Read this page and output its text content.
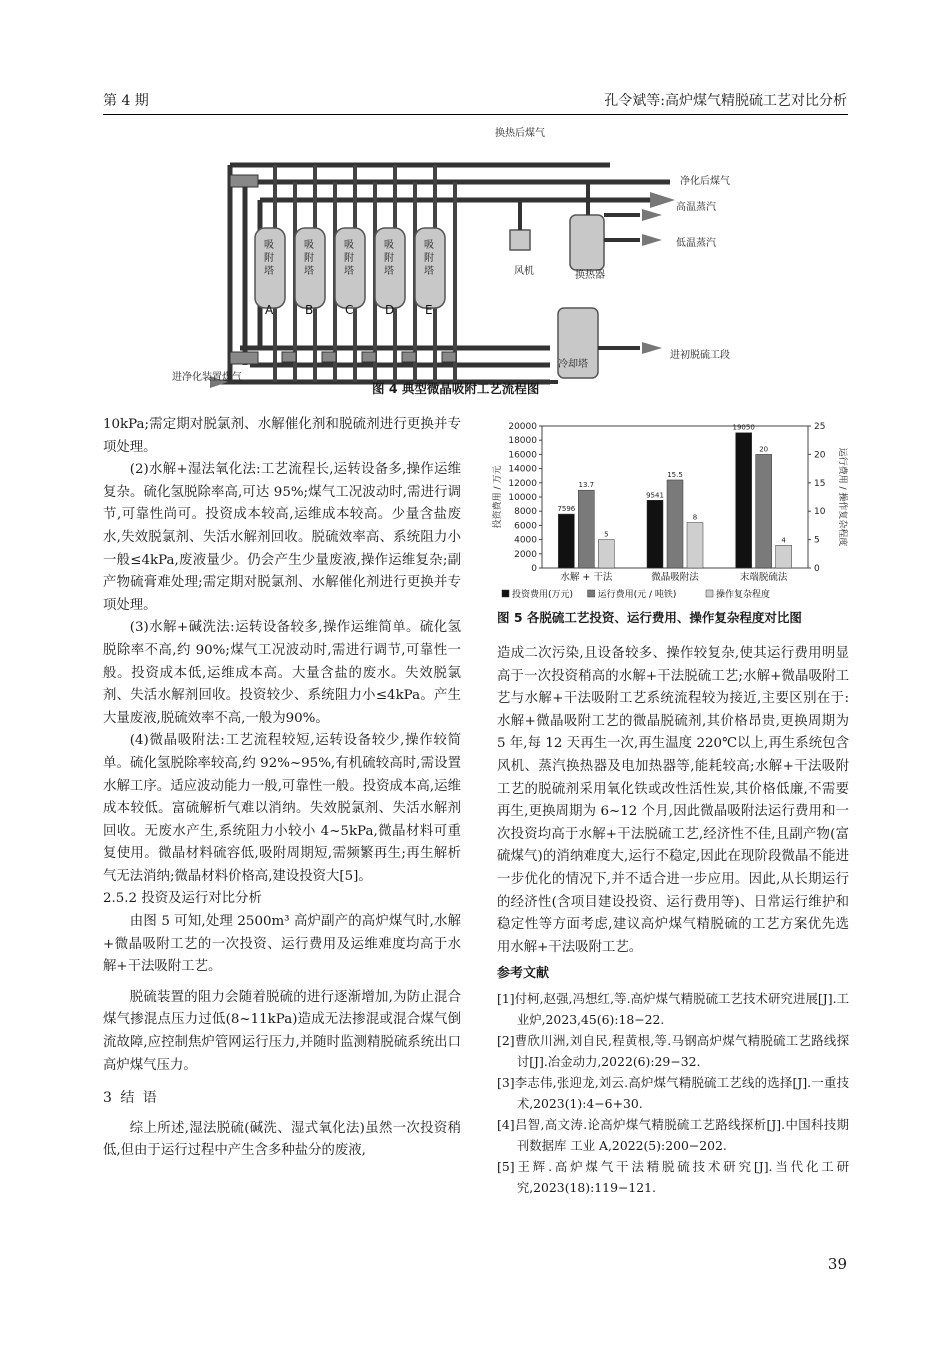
第 4 期	孔令斌等:高炉煤气精脱硫工艺对比分析
吸
附
塔
吸
附
塔
吸
附
塔
吸
附
塔
吸
附
塔
A	B	C	D	E
换热后煤气
净化后煤气
高温蒸汽
低温蒸汽
风机	换热器
冷却塔
进初脱硫工段
进净化装置煤气
图 4 典型微晶吸附工艺流程图

10kPa;需定期对脱氯剂、水解催化剂和脱硫剂进行更换并专项处理。

(2)水解+湿法氧化法:工艺流程长,运转设备多,操作运维复杂。硫化氢脱除率高,可达 95%;煤气工况波动时,需进行调节,可靠性尚可。投资成本较高,运维成本较高。少量含盐废水,失效脱氯剂、失活水解剂回收。脱硫效率高、系统阻力小一般≤4kPa,废液量少。仍会产生少量废液,操作运维复杂;副产物硫膏难处理;需定期对脱氯剂、水解催化剂进行更换并专项处理。

(3)水解+碱洗法:运转设备较多,操作运维简单。硫化氢脱除率不高,约 90%;煤气工况波动时,需进行调节,可靠性一般。投资成本低,运维成本高。大量含盐的废水。失效脱氯剂、失活水解剂回收。投资较少、系统阻力小≤4kPa。产生大量废液,脱硫效率不高,一般为90%。

(4)微晶吸附法:工艺流程较短,运转设备较少,操作较简单。硫化氢脱除率较高,约 92%~95%,有机硫较高时,需设置水解工序。适应波动能力一般,可靠性一般。投资成本高,运维成本较低。富硫解析气难以消纳。失效脱氯剂、失活水解剂回收。无废水产生,系统阻力小较小 4~5kPa,微晶材料可重复使用。微晶材料硫容低,吸附周期短,需频繁再生;再生解析气无法消纳;微晶材料价格高,建设投资大[5]。

2.5.2 投资及运行对比分析

由图 5 可知,处理 2500m³ 高炉副产的高炉煤气时,水解+微晶吸附工艺的一次投资、运行费用及运维难度均高于水解+干法吸附工艺。

脱硫装置的阻力会随着脱硫的进行逐渐增加,为防止混合煤气掺混点压力过低(8~11kPa)造成无法掺混或混合煤气倒流故障,应控制焦炉管网运行压力,并随时监测精脱硫系统出口高炉煤气压力。

3 结 语

综上所述,湿法脱硫(碱洗、湿式氧化法)虽然一次投资稍低,但由于运行过程中产生含多种盐分的废液,

20000
18000
16000
14000
12000
10000
8000
6000
4000
2000
0
25
20
15
10
5
0
投资费用 / 万元	运行费用 / 操作复杂程度
7596
13.7
5
水解 + 干法
9541
15.5
8
微晶吸附法
19050
20
4
末端脱硫法
投资费用(万元)	运行费用(元 / 吨铁)	操作复杂程度
图 5 各脱硫工艺投资、运行费用、操作复杂程度对比图

造成二次污染,且设备较多、操作较复杂,使其运行费用明显高于一次投资稍高的水解+干法脱硫工艺;水解+微晶吸附工艺与水解+干法吸附工艺系统流程较为接近,主要区别在于:水解+微晶吸附工艺的微晶脱硫剂,其价格昂贵,更换周期为 5 年,每 12 天再生一次,再生温度 220℃以上,再生系统包含风机、蒸汽换热器及电加热器等,能耗较高;水解+干法吸附工艺的脱硫剂采用氧化铁或改性活性炭,其价格低廉,不需要再生,更换周期为 6~12 个月,因此微晶吸附法运行费用和一次投资均高于水解+干法脱硫工艺,经济性不佳,且副产物(富硫煤气)的消纳难度大,运行不稳定,因此在现阶段微晶不能进一步优化的情况下,并不适合进一步应用。因此,从长期运行的经济性(含项目建设投资、运行费用等)、日常运行维护和稳定性等方面考虑,建议高炉煤气精脱硫的工艺方案优先选用水解+干法吸附工艺。

参考文献
[1]付柯,赵强,冯想红,等.高炉煤气精脱硫工艺技术研究进展[J].工业炉,2023,45(6):18−22.
[2]曹欣川洲,刘自民,程黄根,等.马钢高炉煤气精脱硫工艺路线探讨[J].冶金动力,2022(6):29−32.
[3]李志伟,张迎龙,刘云.高炉煤气精脱硫工艺线的选择[J].一重技术,2023(1):4−6+30.
[4]吕智,高文涛.论高炉煤气精脱硫工艺路线探析[J].中国科技期刊数据库 工业 A,2022(5):200−202.
[5]王辉.高炉煤气干法精脱硫技术研究[J].当代化工研究,2023(18):119−121.
39
